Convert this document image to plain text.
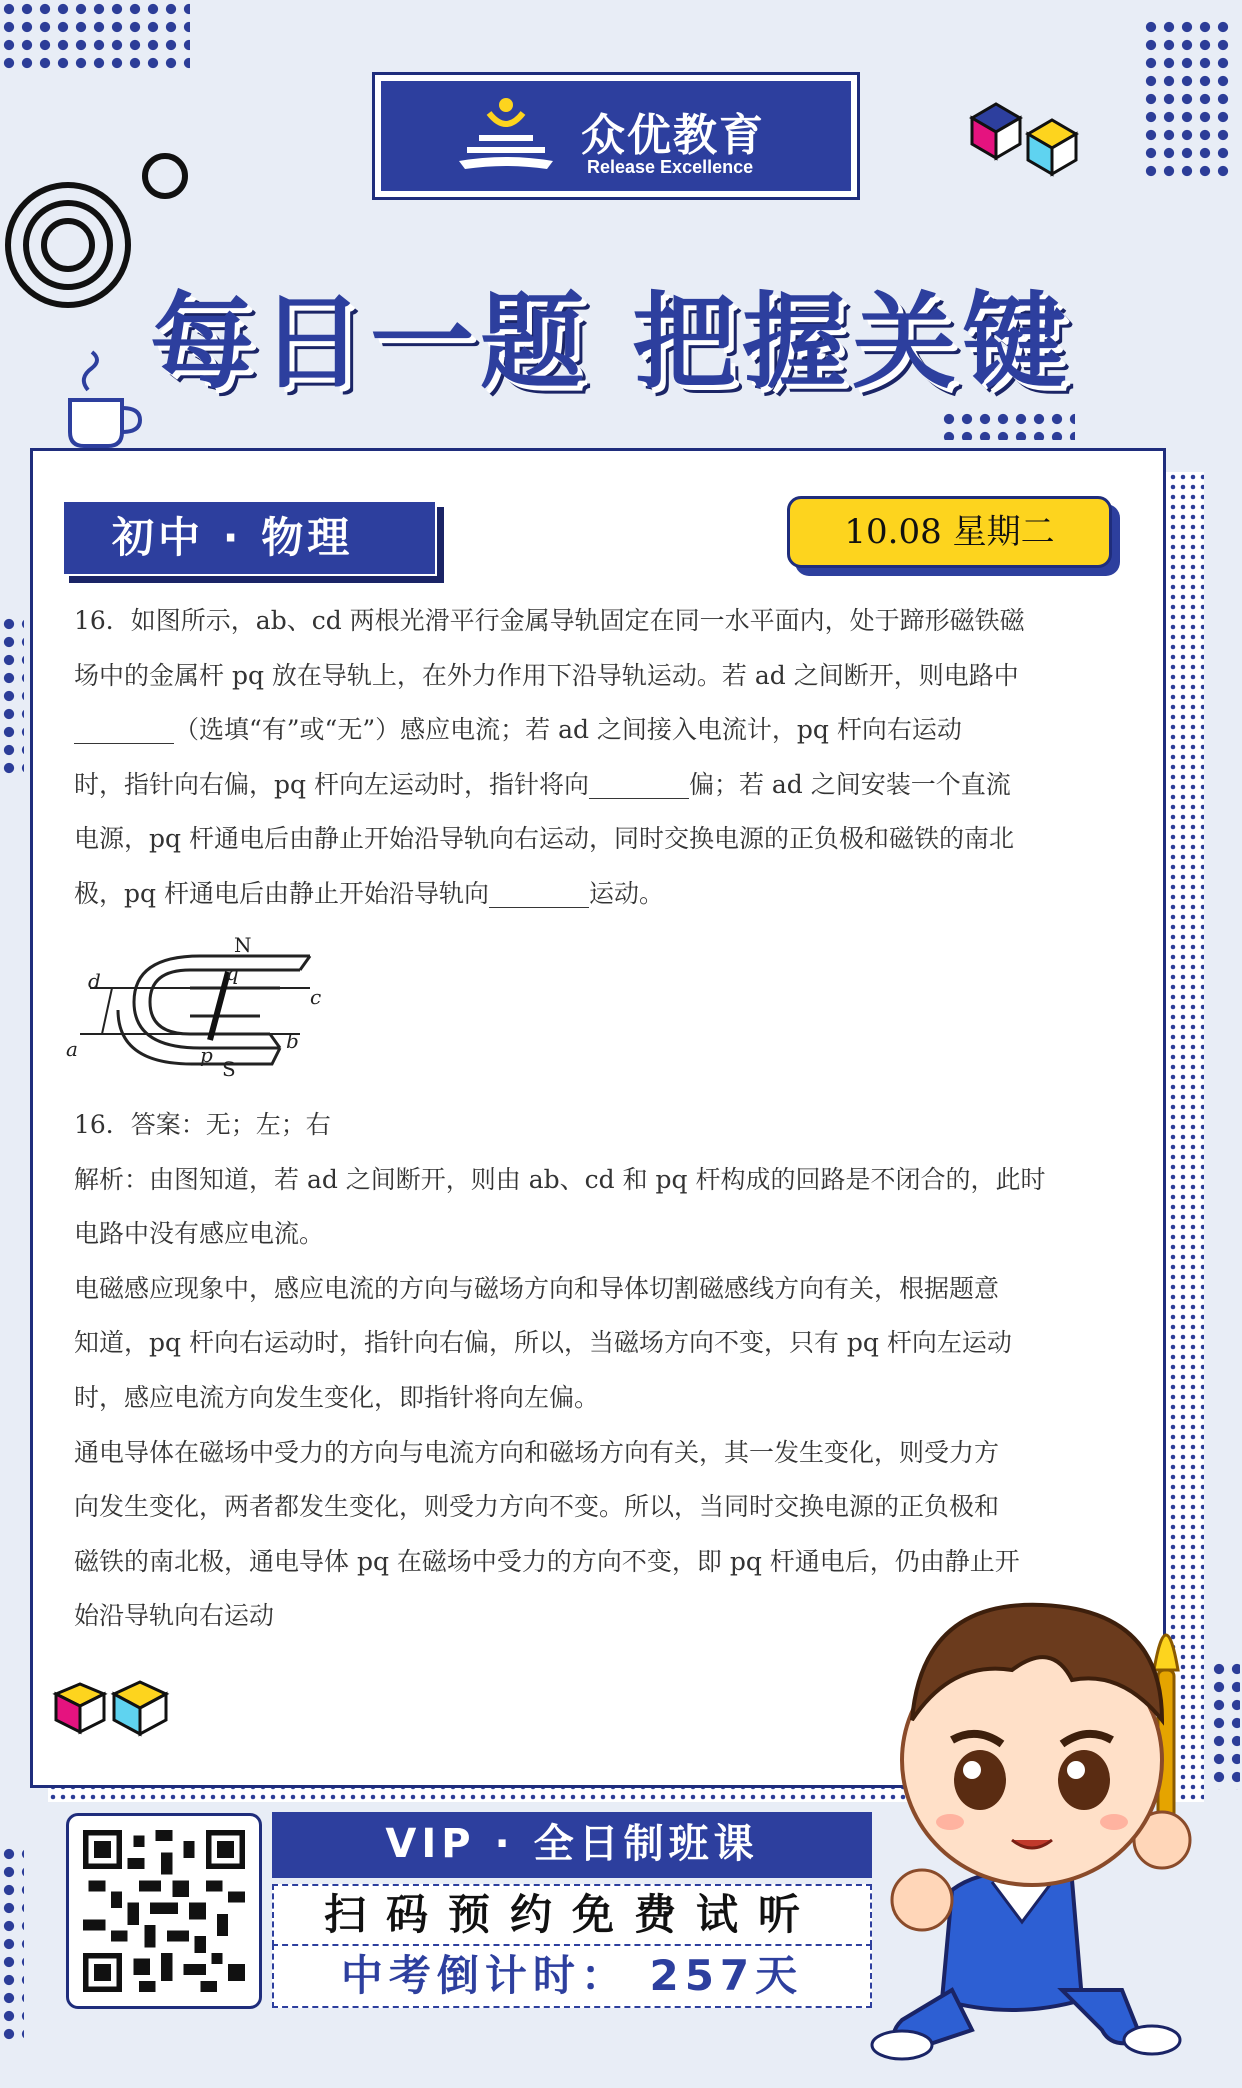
众优教育
Release Excellence
每日一题 把握关键
初中 · 物理	10.08 星期二

16．如图所示，ab、cd 两根光滑平行金属导轨固定在同一水平面内，处于蹄形磁铁磁

场中的金属杆 pq 放在导轨上，在外力作用下沿导轨运动。若 ad 之间断开，则电路中

________（选填“有”或“无”）感应电流；若 ad 之间接入电流计，pq 杆向右运动

时，指针向右偏，pq 杆向左运动时，指针将向________偏；若 ad 之间安装一个直流

电源，pq 杆通电后由静止开始沿导轨向右运动，同时交换电源的正负极和磁铁的南北

极，pq 杆通电后由静止开始沿导轨向________运动。

N
S
c
b
d
a	p
q

16．答案：无；左；右

解析：由图知道，若 ad 之间断开，则由 ab、cd 和 pq 杆构成的回路是不闭合的，此时

电路中没有感应电流。

电磁感应现象中，感应电流的方向与磁场方向和导体切割磁感线方向有关，根据题意

知道，pq 杆向右运动时，指针向右偏，所以，当磁场方向不变，只有 pq 杆向左运动

时，感应电流方向发生变化，即指针将向左偏。

通电导体在磁场中受力的方向与电流方向和磁场方向有关，其一发生变化，则受力方

向发生变化，两者都发生变化，则受力方向不变。所以，当同时交换电源的正负极和

磁铁的南北极，通电导体 pq 在磁场中受力的方向不变，即 pq 杆通电后，仍由静止开

始沿导轨向右运动

VIP · 全日制班课
扫码预约免费试听
中考倒计时： 257天
